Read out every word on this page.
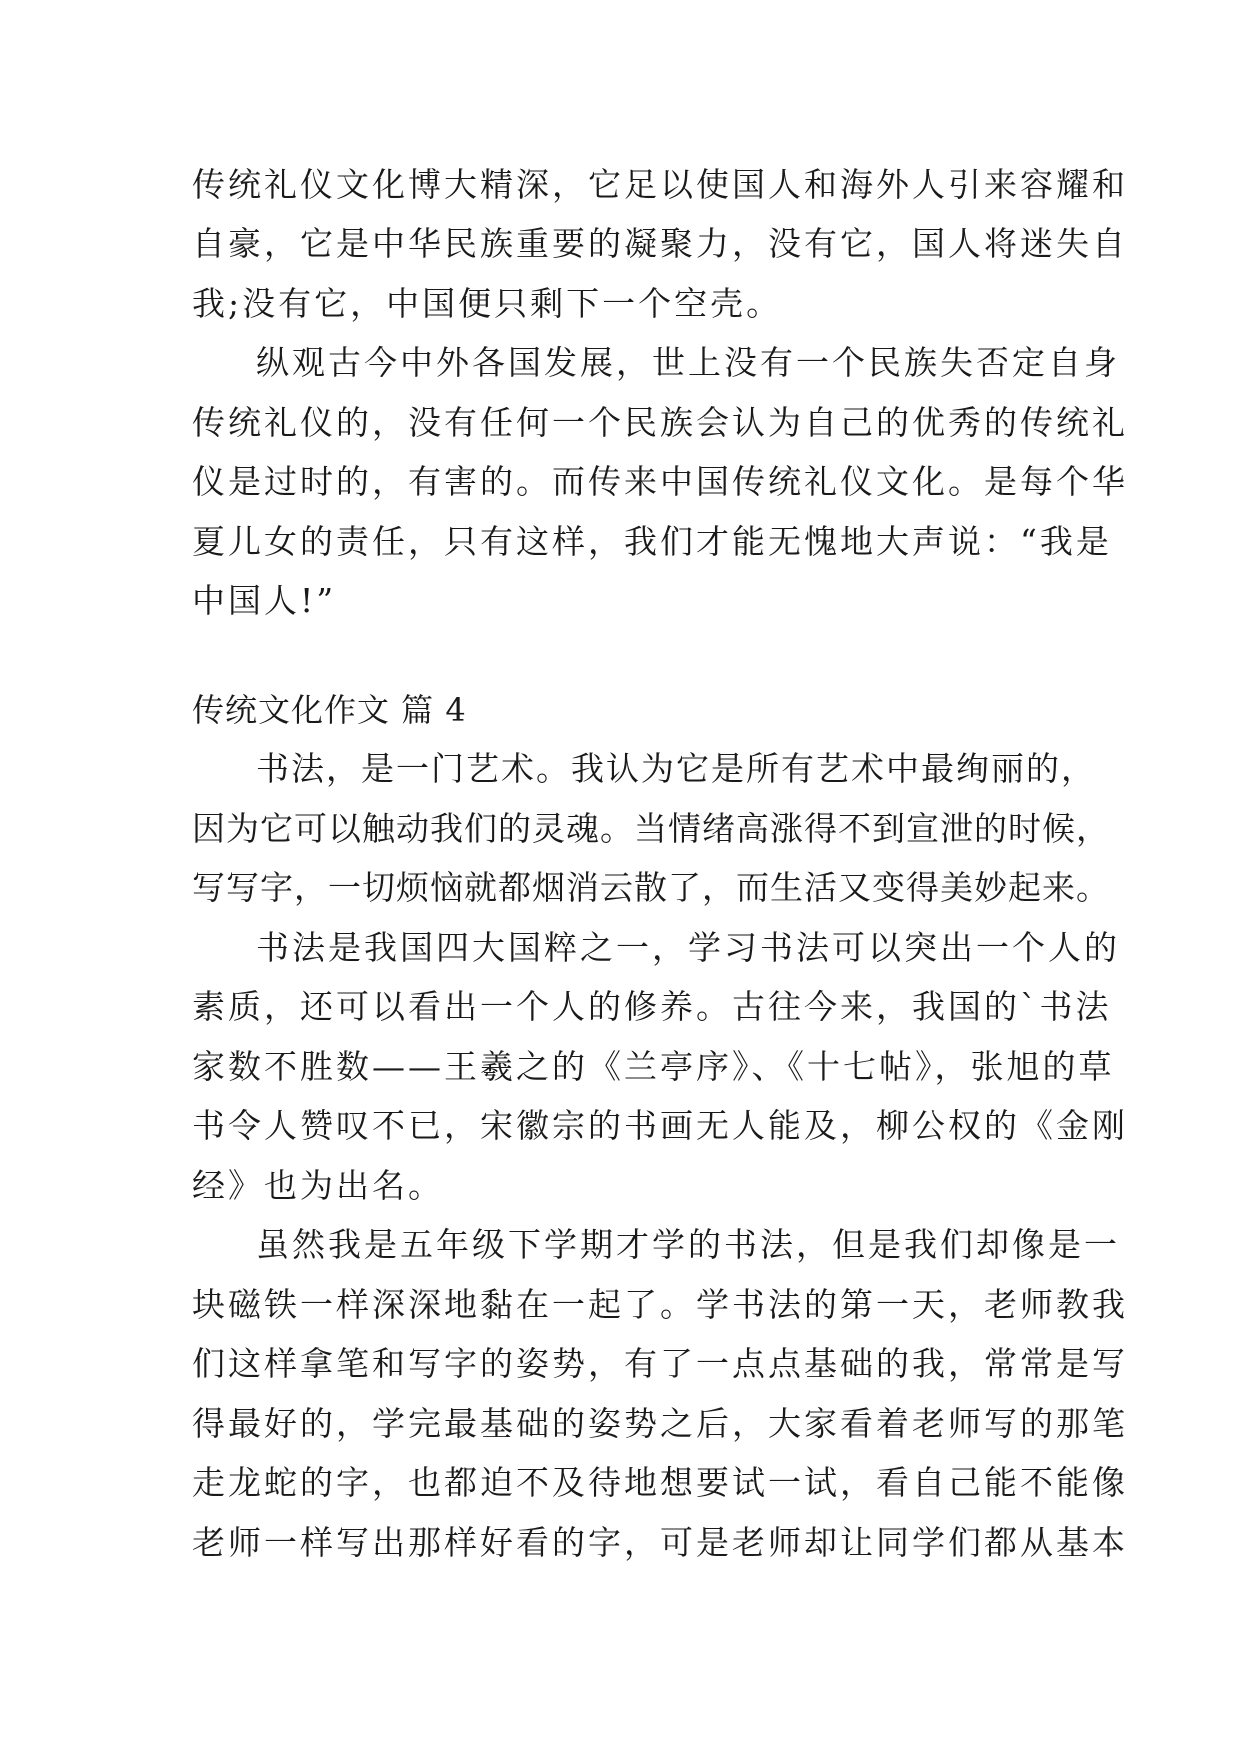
传统礼仪文化博大精深，它足以使国人和海外人引来容耀和
自豪，它是中华民族重要的凝聚力，没有它，国人将迷失自
我;没有它，中国便只剩下一个空壳。
纵观古今中外各国发展，世上没有一个民族失否定自身
传统礼仪的，没有任何一个民族会认为自己的优秀的传统礼
仪是过时的，有害的。而传来中国传统礼仪文化。是每个华
夏儿女的责任，只有这样，我们才能无愧地大声说：“我是
中国人!”
传统文化作文 篇 4
书法，是一门艺术。我认为它是所有艺术中最绚丽的，
因为它可以触动我们的灵魂。当情绪高涨得不到宣泄的时候，
写写字，一切烦恼就都烟消云散了，而生活又变得美妙起来。
书法是我国四大国粹之一，学习书法可以突出一个人的
素质，还可以看出一个人的修养。古往今来，我国的`书法
家数不胜数——王羲之的《兰亭序》、《十七帖》，张旭的草
书令人赞叹不已，宋徽宗的书画无人能及，柳公权的《金刚
经》也为出名。
虽然我是五年级下学期才学的书法，但是我们却像是一
块磁铁一样深深地黏在一起了。学书法的第一天，老师教我
们这样拿笔和写字的姿势，有了一点点基础的我，常常是写
得最好的，学完最基础的姿势之后，大家看着老师写的那笔
走龙蛇的字，也都迫不及待地想要试一试，看自己能不能像
老师一样写出那样好看的字，可是老师却让同学们都从基本
